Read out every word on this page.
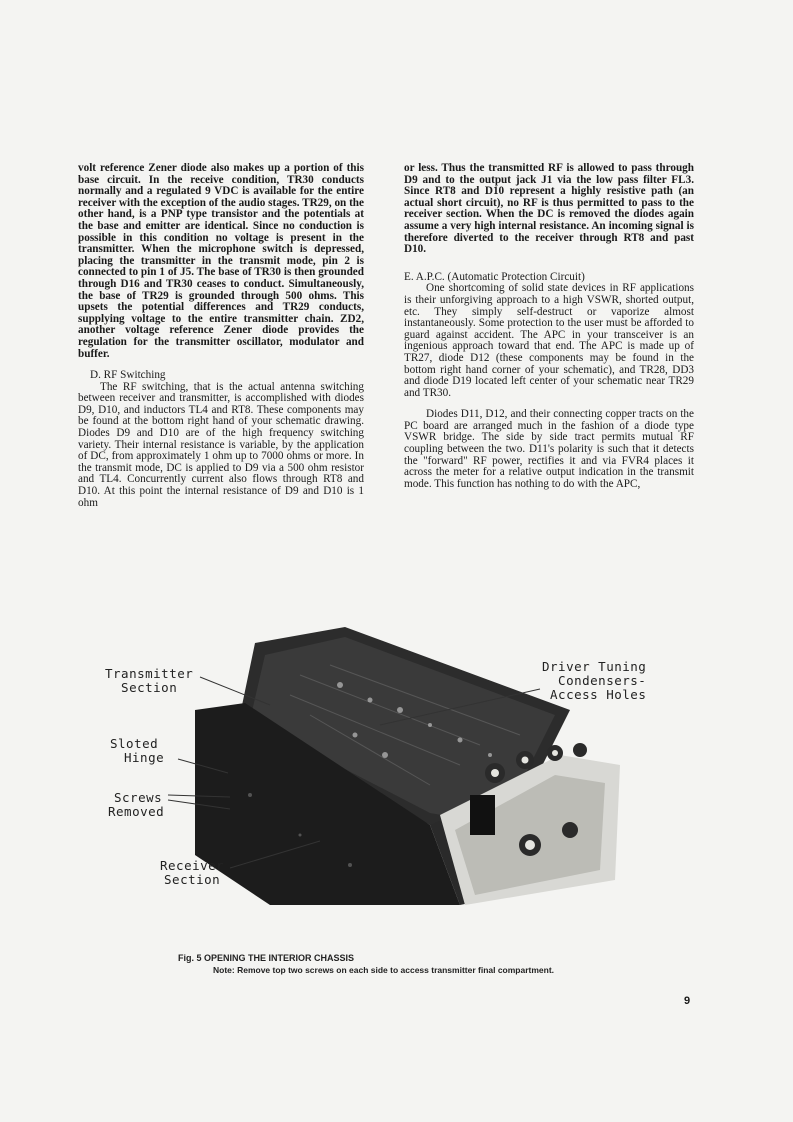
volt reference Zener diode also makes up a portion of this base circuit. In the receive condition, TR30 conducts normally and a regulated 9 VDC is available for the entire receiver with the exception of the audio stages. TR29, on the other hand, is a PNP type transistor and the potentials at the base and emitter are identical. Since no conduction is possible in this condition no voltage is present in the transmitter. When the microphone switch is depressed, placing the transmitter in the transmit mode, pin 2 is connected to pin 1 of J5. The base of TR30 is then grounded through D16 and TR30 ceases to conduct. Simultaneously, the base of TR29 is grounded through 500 ohms. This upsets the potential differences and TR29 conducts, supplying voltage to the entire transmitter chain. ZD2, another voltage reference Zener diode provides the regulation for the transmitter oscillator, modulator and buffer.

D. RF Switching

The RF switching, that is the actual antenna switching between receiver and transmitter, is accomplished with diodes D9, D10, and inductors TL4 and RT8. These components may be found at the bottom right hand of your schematic drawing. Diodes D9 and D10 are of the high frequency switching variety. Their internal resistance is variable, by the application of DC, from approximately 1 ohm up to 7000 ohms or more. In the transmit mode, DC is applied to D9 via a 500 ohm resistor and TL4. Concurrently current also flows through RT8 and D10. At this point the internal resistance of D9 and D10 is 1 ohm

or less. Thus the transmitted RF is allowed to pass through D9 and to the output jack J1 via the low pass filter FL3. Since RT8 and D10 represent a highly resistive path (an actual short circuit), no RF is thus permitted to pass to the receiver section. When the DC is removed the diodes again assume a very high internal resistance. An incoming signal is therefore diverted to the receiver through RT8 and past D10.

E. A.P.C. (Automatic Protection Circuit)

One shortcoming of solid state devices in RF applications is their unforgiving approach to a high VSWR, shorted output, etc. They simply self-destruct or vaporize almost instantaneously. Some protection to the user must be afforded to guard against accident. The APC in your transceiver is an ingenious approach toward that end. The APC is made up of TR27, diode D12 (these components may be found in the bottom right hand corner of your schematic), and TR28, DD3 and diode D19 located left center of your schematic near TR29 and TR30.

Diodes D11, D12, and their connecting copper tracts on the PC board are arranged much in the fashion of a diode type VSWR bridge. The side by side tract permits mutual RF coupling between the two. D11's polarity is such that it detects the "forward" RF power, rectifies it and via FVR4 places it across the meter for a relative output indication in the transmit mode. This function has nothing to do with the APC,

Transmitter
Section
Sloted
Hinge
Screws
Removed
Receiver
Section
Driver Tuning
Condensers-
Access Holes
Fig. 5 OPENING THE INTERIOR CHASSIS
Note: Remove top two screws on each side to access transmitter final compartment.
9
